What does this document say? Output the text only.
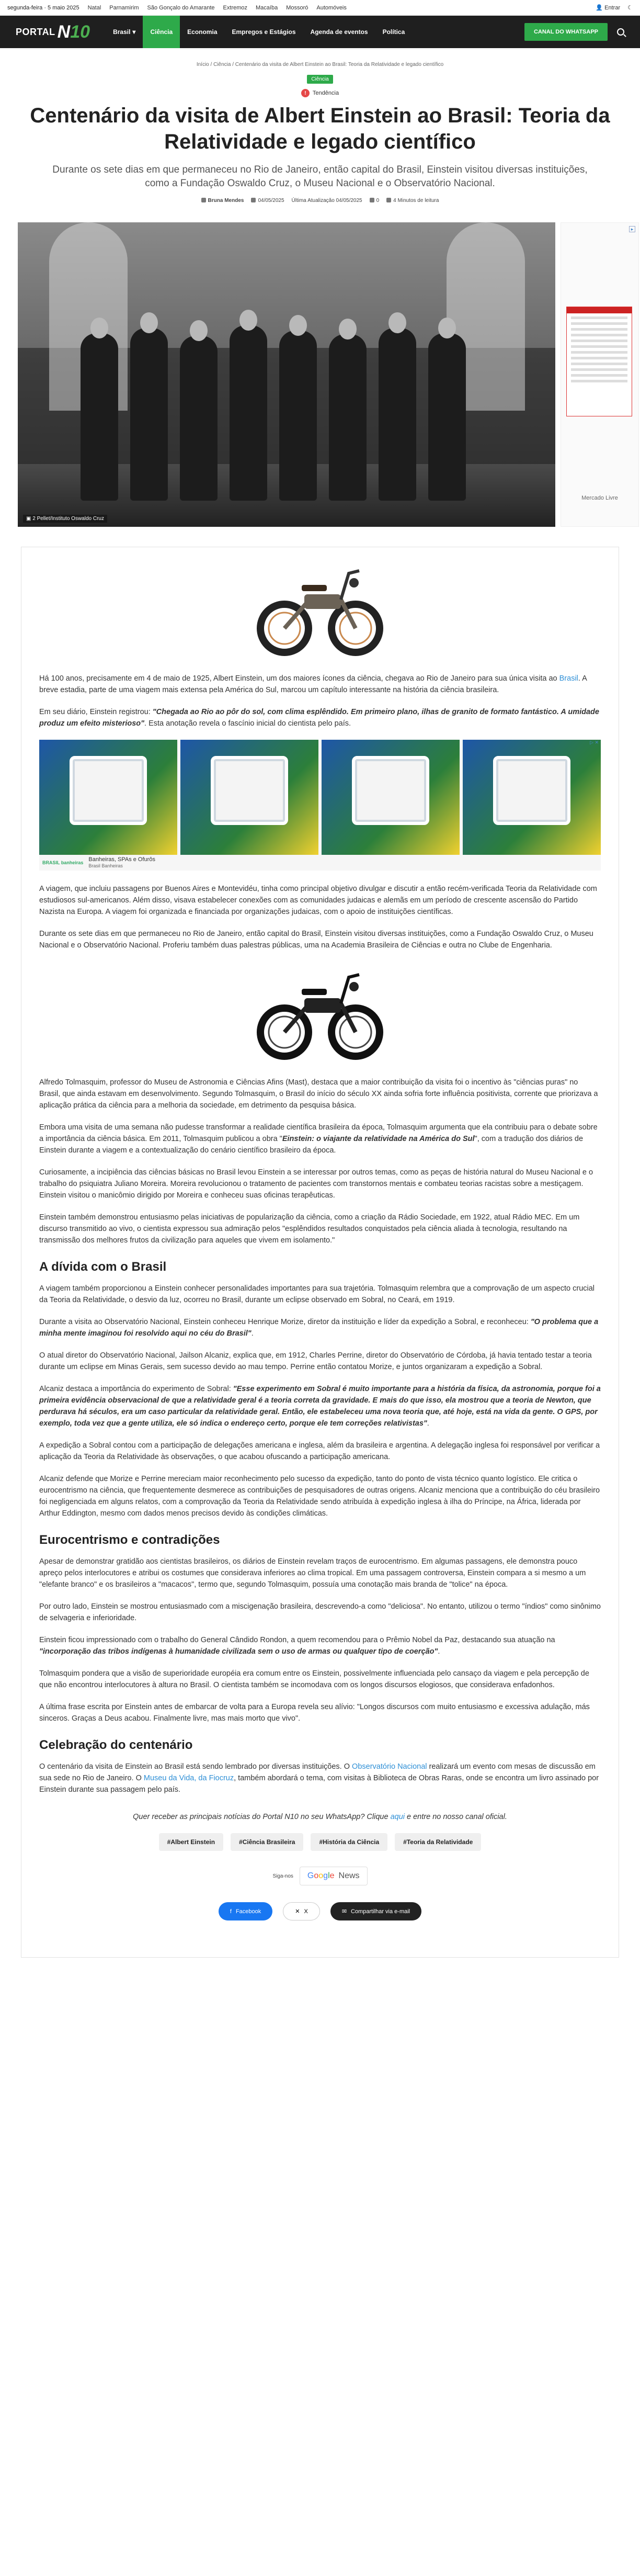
segunda-feira · 5 maio 2025 Natal Parnamirim São Gonçalo do Amarante Extremoz Macaíba Mossoró Automóveis	👤 Entrar ☾
PORTAL N10	Brasil ▾ Ciência Economia Empregos e Estágios Agenda de eventos Política	CANAL DO WHATSAPP
Início / Ciência / Centenário da visita de Albert Einstein ao Brasil: Teoria da Relatividade e legado científico
Ciência
!	Tendência
Centenário da visita de Albert Einstein ao Brasil: Teoria da Relatividade e legado científico

Durante os sete dias em que permaneceu no Rio de Janeiro, então capital do Brasil, Einstein visitou diversas instituições, como a Fundação Oswaldo Cruz, o Museu Nacional e o Observatório Nacional.

Bruna Mendes	04/05/2025 Última Atualização 04/05/2025	0	4 Minutos de leitura
▣ 2 Pellet/Instituto Oswaldo Cruz
▸
Mercado Livre

Há 100 anos, precisamente em 4 de maio de 1925, Albert Einstein, um dos maiores ícones da ciência, chegava ao Rio de Janeiro para sua única visita ao Brasil. A breve estadia, parte de uma viagem mais extensa pela América do Sul, marcou um capítulo interessante na história da ciência brasileira.

Em seu diário, Einstein registrou: "Chegada ao Rio ao pôr do sol, com clima esplêndido. Em primeiro plano, ilhas de granito de formato fantástico. A umidade produz um efeito misterioso". Esta anotação revela o fascínio inicial do cientista pelo país.

▷ ✕
BRASIL banheiras Banheiras, SPAs e Ofurôs
Brasil Banheiras

A viagem, que incluiu passagens por Buenos Aires e Montevidéu, tinha como principal objetivo divulgar e discutir a então recém-verificada Teoria da Relatividade com estudiosos sul-americanos. Além disso, visava estabelecer conexões com as comunidades judaicas e alemãs em um período de crescente ascensão do Partido Nazista na Europa. A viagem foi organizada e financiada por organizações judaicas, com o apoio de instituições científicas.

Durante os sete dias em que permaneceu no Rio de Janeiro, então capital do Brasil, Einstein visitou diversas instituições, como a Fundação Oswaldo Cruz, o Museu Nacional e o Observatório Nacional. Proferiu também duas palestras públicas, uma na Academia Brasileira de Ciências e outra no Clube de Engenharia.

Alfredo Tolmasquim, professor do Museu de Astronomia e Ciências Afins (Mast), destaca que a maior contribuição da visita foi o incentivo às "ciências puras" no Brasil, que ainda estavam em desenvolvimento. Segundo Tolmasquim, o Brasil do início do século XX ainda sofria forte influência positivista, corrente que priorizava a aplicação prática da ciência para a melhoria da sociedade, em detrimento da pesquisa básica.

Embora uma visita de uma semana não pudesse transformar a realidade científica brasileira da época, Tolmasquim argumenta que ela contribuiu para o debate sobre a importância da ciência básica. Em 2011, Tolmasquim publicou a obra "Einstein: o viajante da relatividade na América do Sul", com a tradução dos diários de Einstein durante a viagem e a contextualização do cenário científico brasileiro da época.

Curiosamente, a incipiência das ciências básicas no Brasil levou Einstein a se interessar por outros temas, como as peças de história natural do Museu Nacional e o trabalho do psiquiatra Juliano Moreira. Moreira revolucionou o tratamento de pacientes com transtornos mentais e combateu teorias racistas sobre a mestiçagem. Einstein visitou o manicômio dirigido por Moreira e conheceu suas oficinas terapêuticas.

Einstein também demonstrou entusiasmo pelas iniciativas de popularização da ciência, como a criação da Rádio Sociedade, em 1922, atual Rádio MEC. Em um discurso transmitido ao vivo, o cientista expressou sua admiração pelos "esplêndidos resultados conquistados pela ciência aliada à tecnologia, resultando na transmissão dos melhores frutos da civilização para aqueles que vivem em isolamento."

A dívida com o Brasil

A viagem também proporcionou a Einstein conhecer personalidades importantes para sua trajetória. Tolmasquim relembra que a comprovação de um aspecto crucial da Teoria da Relatividade, o desvio da luz, ocorreu no Brasil, durante um eclipse observado em Sobral, no Ceará, em 1919.

Durante a visita ao Observatório Nacional, Einstein conheceu Henrique Morize, diretor da instituição e líder da expedição a Sobral, e reconheceu: "O problema que a minha mente imaginou foi resolvido aqui no céu do Brasil".

O atual diretor do Observatório Nacional, Jailson Alcaniz, explica que, em 1912, Charles Perrine, diretor do Observatório de Córdoba, já havia tentado testar a teoria durante um eclipse em Minas Gerais, sem sucesso devido ao mau tempo. Perrine então contatou Morize, e juntos organizaram a expedição a Sobral.

Alcaniz destaca a importância do experimento de Sobral: "Esse experimento em Sobral é muito importante para a história da física, da astronomia, porque foi a primeira evidência observacional de que a relatividade geral é a teoria correta da gravidade. E mais do que isso, ela mostrou que a teoria de Newton, que perdurava há séculos, era um caso particular da relatividade geral. Então, ele estabeleceu uma nova teoria que, até hoje, está na vida da gente. O GPS, por exemplo, toda vez que a gente utiliza, ele só indica o endereço certo, porque ele tem correções relativistas".

A expedição a Sobral contou com a participação de delegações americana e inglesa, além da brasileira e argentina. A delegação inglesa foi responsável por verificar a aplicação da Teoria da Relatividade às observações, o que acabou ofuscando a participação americana.

Alcaniz defende que Morize e Perrine mereciam maior reconhecimento pelo sucesso da expedição, tanto do ponto de vista técnico quanto logístico. Ele critica o eurocentrismo na ciência, que frequentemente desmerece as contribuições de pesquisadores de outras origens. Alcaniz menciona que a contribuição do céu brasileiro foi negligenciada em alguns relatos, com a comprovação da Teoria da Relatividade sendo atribuída à expedição inglesa à ilha do Príncipe, na África, liderada por Arthur Eddington, mesmo com dados menos precisos devido às condições climáticas.

Eurocentrismo e contradições

Apesar de demonstrar gratidão aos cientistas brasileiros, os diários de Einstein revelam traços de eurocentrismo. Em algumas passagens, ele demonstra pouco apreço pelos interlocutores e atribui os costumes que considerava inferiores ao clima tropical. Em uma passagem controversa, Einstein compara a si mesmo a um "elefante branco" e os brasileiros a "macacos", termo que, segundo Tolmasquim, possuía uma conotação mais branda de "tolice" na época.

Por outro lado, Einstein se mostrou entusiasmado com a miscigenação brasileira, descrevendo-a como "deliciosa". No entanto, utilizou o termo "índios" como sinônimo de selvageria e inferioridade.

Einstein ficou impressionado com o trabalho do General Cândido Rondon, a quem recomendou para o Prêmio Nobel da Paz, destacando sua atuação na "incorporação das tribos indígenas à humanidade civilizada sem o uso de armas ou qualquer tipo de coerção".

Tolmasquim pondera que a visão de superioridade européia era comum entre os Einstein, possivelmente influenciada pelo cansaço da viagem e pela percepção de que não encontrou interlocutores à altura no Brasil. O cientista também se incomodava com os longos discursos elogiosos, que considerava enfadonhos.

A última frase escrita por Einstein antes de embarcar de volta para a Europa revela seu alívio: "Longos discursos com muito entusiasmo e excessiva adulação, más sinceros. Graças a Deus acabou. Finalmente livre, mas mais morto que vivo".

Celebração do centenário

O centenário da visita de Einstein ao Brasil está sendo lembrado por diversas instituições. O Observatório Nacional realizará um evento com mesas de discussão em sua sede no Rio de Janeiro. O Museu da Vida, da Fiocruz, também abordará o tema, com visitas à Biblioteca de Obras Raras, onde se encontra um livro assinado por Einstein durante sua passagem pelo país.

Quer receber as principais notícias do Portal N10 no seu WhatsApp? Clique aqui e entre no nosso canal oficial.

#Albert Einstein	#Ciência Brasileira	#História da Ciência	#Teoria da Relatividade
Siga-nos Google News
f Facebook	✕ X	✉ Compartilhar via e-mail
